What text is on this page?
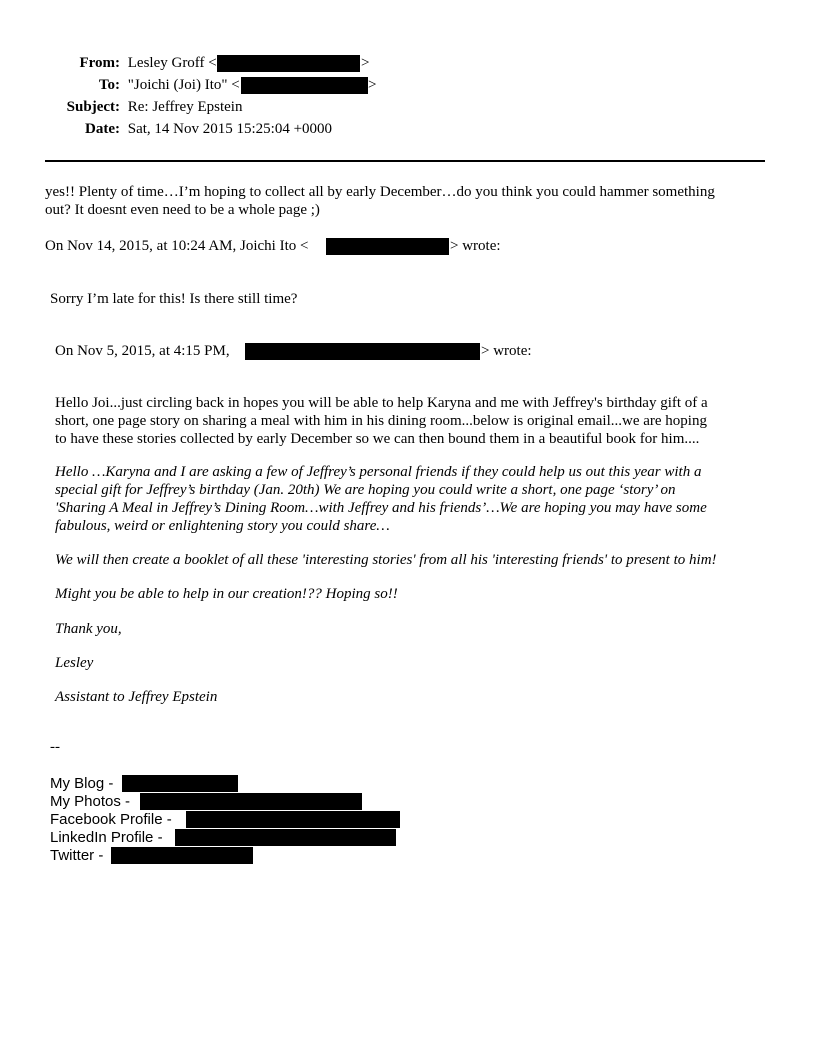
From: Lesley Groff <	>
To: "Joichi (Joi) Ito" <	>
Subject: Re: Jeffrey Epstein
Date: Sat, 14 Nov 2015 15:25:04 +0000
yes!! Plenty of time…I’m hoping to collect all by early December…do you think you could hammer something
out? It doesnt even need to be a whole page ;)
On Nov 14, 2015, at 10:24 AM, Joichi Ito <	> wrote:
Sorry I’m late for this! Is there still time?
On Nov 5, 2015, at 4:15 PM,	> wrote:
Hello Joi...just circling back in hopes you will be able to help Karyna and me with Jeffrey's birthday gift of a
short, one page story on sharing a meal with him in his dining room...below is original email...we are hoping
to have these stories collected by early December so we can then bound them in a beautiful book for him....
Hello …Karyna and I are asking a few of Jeffrey’s personal friends if they could help us out this year with a
special gift for Jeffrey’s birthday (Jan. 20th) We are hoping you could write a short, one page ‘story’ on
'Sharing A Meal in Jeffrey’s Dining Room…with Jeffrey and his friends’…We are hoping you may have some
fabulous, weird or enlightening story you could share…
We will then create a booklet of all these 'interesting stories' from all his 'interesting friends' to present to him!
Might you be able to help in our creation!?? Hoping so!!
Thank you,
Lesley
Assistant to Jeffrey Epstein
--
My Blog -
My Photos -
Facebook Profile -
LinkedIn Profile -
Twitter -
